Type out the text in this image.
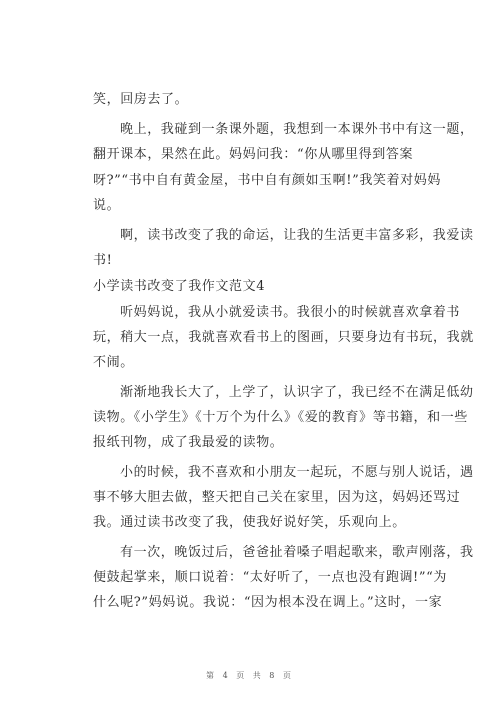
笑，回房去了。
晚上，我碰到一条课外题，我想到一本课外书中有这一题，
翻开课本，果然在此。妈妈问我：“你从哪里得到答案
呀?”“书中自有黄金屋，书中自有颜如玉啊!”我笑着对妈妈
说。
啊，读书改变了我的命运，让我的生活更丰富多彩，我爱读
书!
小学读书改变了我作文范文4
听妈妈说，我从小就爱读书。我很小的时候就喜欢拿着书
玩，稍大一点，我就喜欢看书上的图画，只要身边有书玩，我就
不闹。
渐渐地我长大了，上学了，认识字了，我已经不在满足低幼
读物。《小学生》《十万个为什么》《爱的教育》等书籍，和一些
报纸刊物，成了我最爱的读物。
小的时候，我不喜欢和小朋友一起玩，不愿与别人说话，遇
事不够大胆去做，整天把自己关在家里，因为这，妈妈还骂过
我。通过读书改变了我，使我好说好笑，乐观向上。
有一次，晚饭过后，爸爸扯着嗓子唱起歌来，歌声刚落，我
便鼓起掌来，顺口说着：“太好听了，一点也没有跑调!”“为
什么呢?”妈妈说。我说：“因为根本没在调上。”这时，一家
第 4 页 共 8 页
